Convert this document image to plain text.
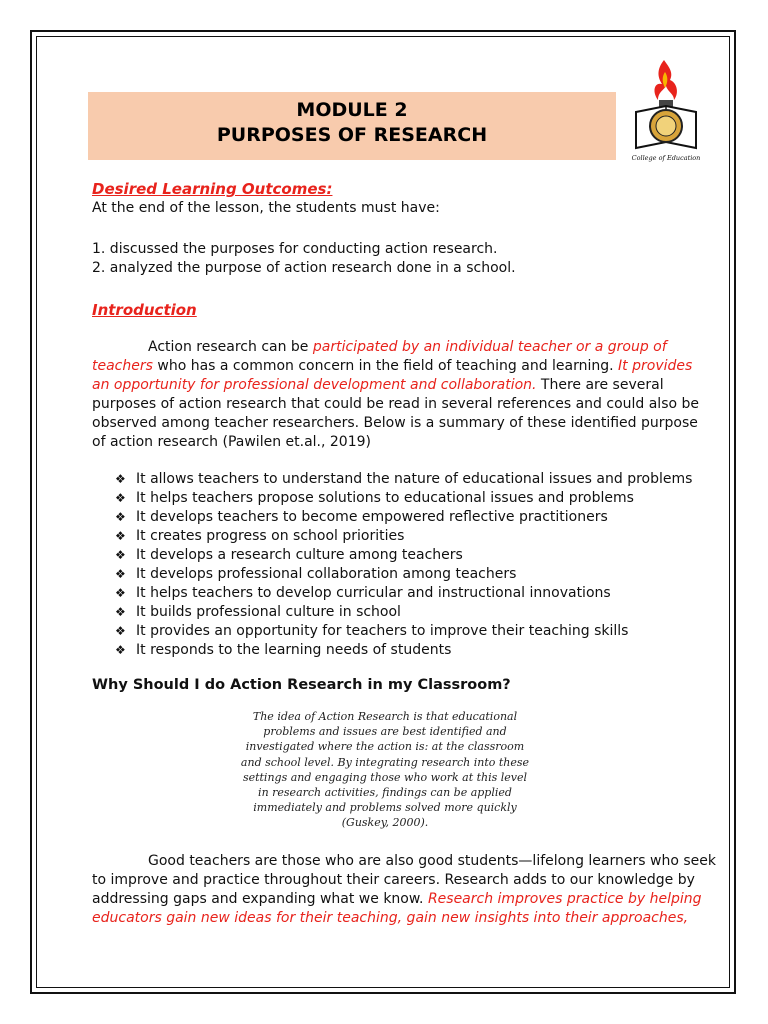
MODULE 2
PURPOSES OF RESEARCH
College of Education
Desired Learning Outcomes:
At the end of the lesson, the students must have:
1. discussed the purposes for conducting action research.
2. analyzed the purpose of action research done in a school.
Introduction
Action research can be participated by an individual teacher or a group of
teachers who has a common concern in the field of teaching and learning. It provides
an opportunity for professional development and collaboration. There are several
purposes of action research that could be read in several references and could also be
observed among teacher researchers. Below is a summary of these identified purpose
of action research (Pawilen et.al., 2019)
❖ It allows teachers to understand the nature of educational issues and problems
❖ It helps teachers propose solutions to educational issues and problems
❖ It develops teachers to become empowered reflective practitioners
❖ It creates progress on school priorities
❖ It develops a research culture among teachers
❖ It develops professional collaboration among teachers
❖ It helps teachers to develop curricular and instructional innovations
❖ It builds professional culture in school
❖ It provides an opportunity for teachers to improve their teaching skills
❖ It responds to the learning needs of students
Why Should I do Action Research in my Classroom?
The idea of Action Research is that educational
problems and issues are best identified and
investigated where the action is: at the classroom
and school level. By integrating research into these
settings and engaging those who work at this level
in research activities, findings can be applied
immediately and problems solved more quickly
(Guskey, 2000).
Good teachers are those who are also good students—lifelong learners who seek
to improve and practice throughout their careers. Research adds to our knowledge by
addressing gaps and expanding what we know. Research improves practice by helping
educators gain new ideas for their teaching, gain new insights into their approaches,
